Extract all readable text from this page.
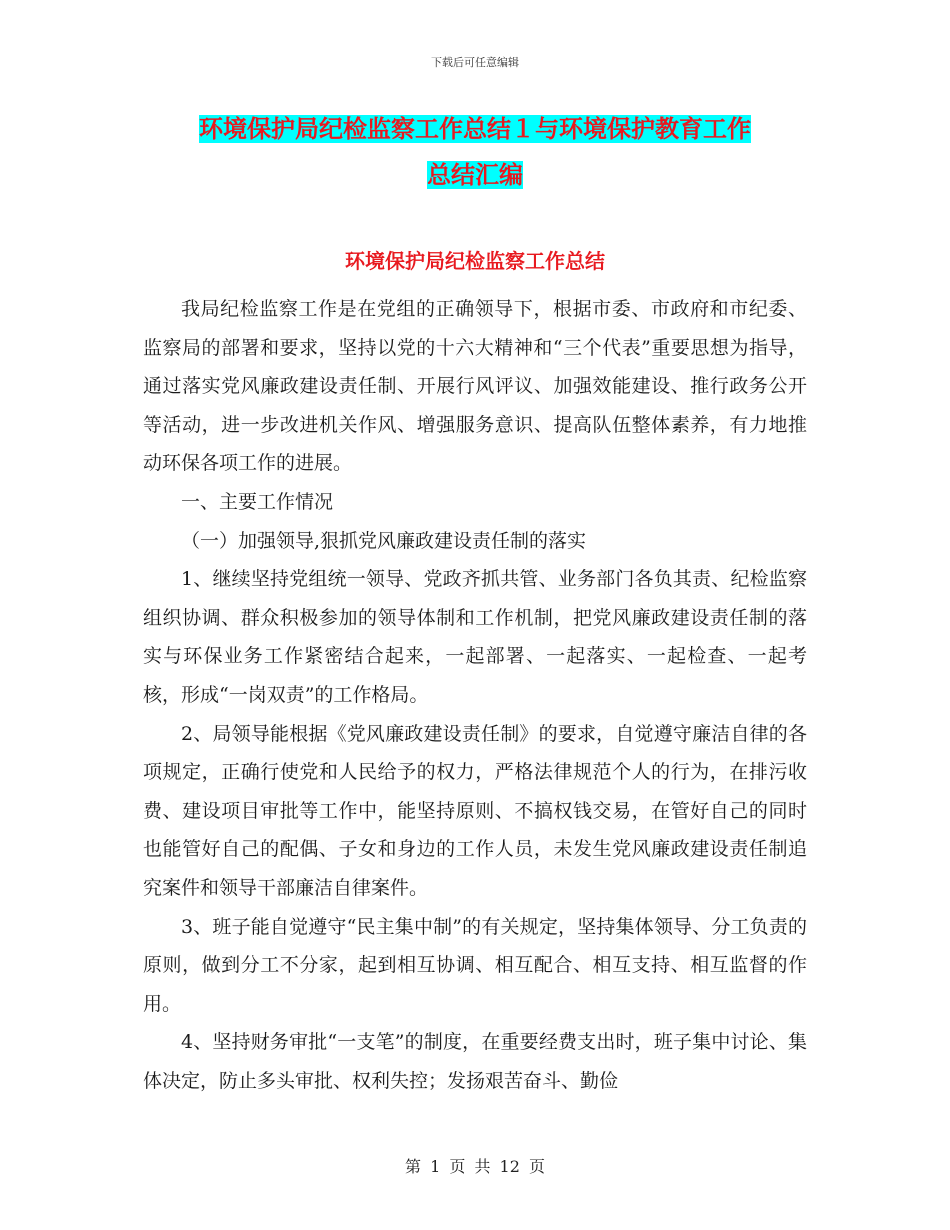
下载后可任意编辑
环境保护局纪检监察工作总结１与环境保护教育工作
总结汇编
环境保护局纪检监察工作总结

我局纪检监察工作是在党组的正确领导下，根据市委、市政府和市纪委、监察局的部署和要求，坚持以党的十六大精神和“三个代表”重要思想为指导，通过落实党风廉政建设责任制、开展行风评议、加强效能建设、推行政务公开等活动，进一步改进机关作风、增强服务意识、提高队伍整体素养，有力地推动环保各项工作的进展。

一、主要工作情况

（一）加强领导,狠抓党风廉政建设责任制的落实

1、继续坚持党组统一领导、党政齐抓共管、业务部门各负其责、纪检监察组织协调、群众积极参加的领导体制和工作机制，把党风廉政建设责任制的落实与环保业务工作紧密结合起来，一起部署、一起落实、一起检查、一起考核，形成“一岗双责”的工作格局。

2、局领导能根据《党风廉政建设责任制》的要求，自觉遵守廉洁自律的各项规定，正确行使党和人民给予的权力，严格法律规范个人的行为，在排污收费、建设项目审批等工作中，能坚持原则、不搞权钱交易，在管好自己的同时也能管好自己的配偶、子女和身边的工作人员，未发生党风廉政建设责任制追究案件和领导干部廉洁自律案件。

3、班子能自觉遵守“民主集中制”的有关规定，坚持集体领导、分工负责的原则，做到分工不分家，起到相互协调、相互配合、相互支持、相互监督的作用。

4、坚持财务审批“一支笔”的制度，在重要经费支出时，班子集中讨论、集体决定，防止多头审批、权利失控；发扬艰苦奋斗、勤俭

第 1 页 共 12 页
